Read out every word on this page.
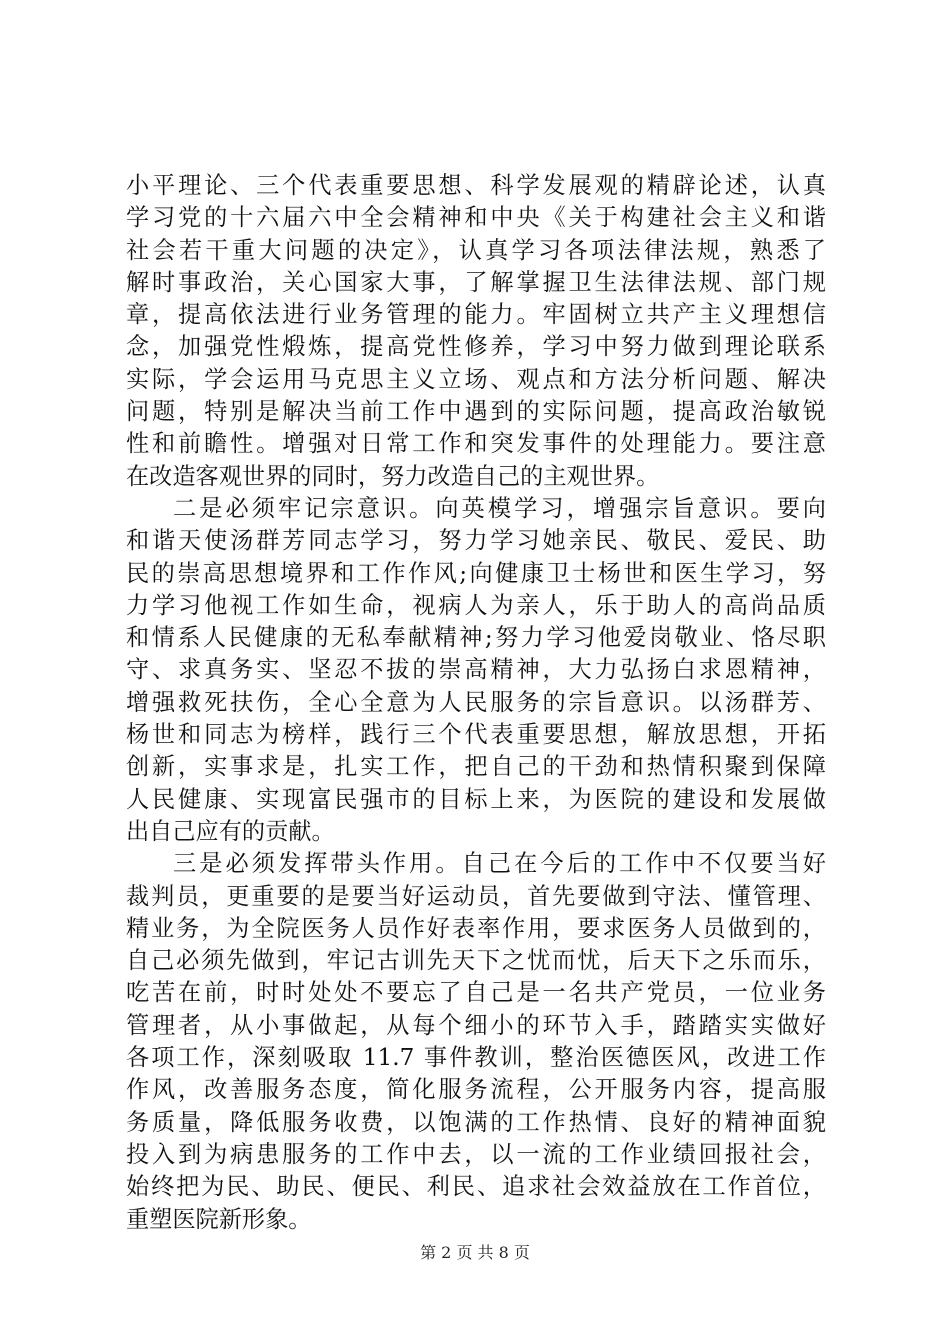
小平理论、三个代表重要思想、科学发展观的精辟论述，认真
学习党的十六届六中全会精神和中央《关于构建社会主义和谐
社会若干重大问题的决定》，认真学习各项法律法规，熟悉了
解时事政治，关心国家大事，了解掌握卫生法律法规、部门规
章，提高依法进行业务管理的能力。牢固树立共产主义理想信
念，加强党性煅炼，提高党性修养，学习中努力做到理论联系
实际，学会运用马克思主义立场、观点和方法分析问题、解决
问题，特别是解决当前工作中遇到的实际问题，提高政治敏锐
性和前瞻性。增强对日常工作和突发事件的处理能力。要注意
在改造客观世界的同时，努力改造自己的主观世界。
二是必须牢记宗意识。向英模学习，增强宗旨意识。要向
和谐天使汤群芳同志学习，努力学习她亲民、敬民、爱民、助
民的崇高思想境界和工作作风;向健康卫士杨世和医生学习，努
力学习他视工作如生命，视病人为亲人，乐于助人的高尚品质
和情系人民健康的无私奉献精神;努力学习他爱岗敬业、恪尽职
守、求真务实、坚忍不拔的崇高精神，大力弘扬白求恩精神，
增强救死扶伤，全心全意为人民服务的宗旨意识。以汤群芳、
杨世和同志为榜样，践行三个代表重要思想，解放思想，开拓
创新，实事求是，扎实工作，把自己的干劲和热情积聚到保障
人民健康、实现富民强市的目标上来，为医院的建设和发展做
出自己应有的贡献。
三是必须发挥带头作用。自己在今后的工作中不仅要当好
裁判员，更重要的是要当好运动员，首先要做到守法、懂管理、
精业务，为全院医务人员作好表率作用，要求医务人员做到的，
自己必须先做到，牢记古训先天下之忧而忧，后天下之乐而乐，
吃苦在前，时时处处不要忘了自己是一名共产党员，一位业务
管理者，从小事做起，从每个细小的环节入手，踏踏实实做好
各项工作，深刻吸取 11.7 事件教训，整治医德医风，改进工作
作风，改善服务态度，简化服务流程，公开服务内容，提高服
务质量，降低服务收费，以饱满的工作热情、良好的精神面貌
投入到为病患服务的工作中去，以一流的工作业绩回报社会，
始终把为民、助民、便民、利民、追求社会效益放在工作首位，
重塑医院新形象。
第 2 页 共 8 页
